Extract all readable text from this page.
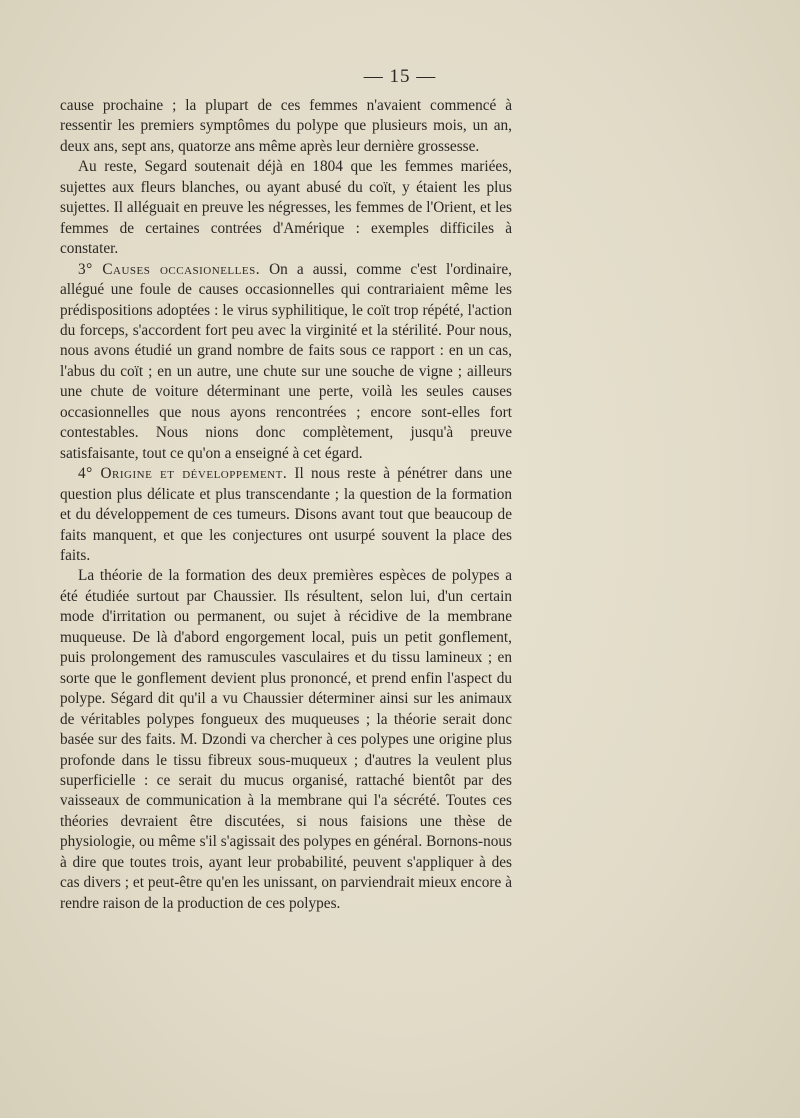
— 15 —

cause prochaine ; la plupart de ces femmes n'avaient commencé à ressentir les premiers symptômes du polype que plusieurs mois, un an, deux ans, sept ans, quatorze ans même après leur dernière grossesse.

Au reste, Segard soutenait déjà en 1804 que les femmes mariées, sujettes aux fleurs blanches, ou ayant abusé du coït, y étaient les plus sujettes. Il alléguait en preuve les négresses, les femmes de l'Orient, et les femmes de certaines contrées d'Amérique : exemples difficiles à constater.

3° Causes occasionelles. On a aussi, comme c'est l'ordinaire, allégué une foule de causes occasionnelles qui contrariaient même les prédispositions adoptées : le virus syphilitique, le coït trop répété, l'action du forceps, s'accordent fort peu avec la virginité et la stérilité. Pour nous, nous avons étudié un grand nombre de faits sous ce rapport : en un cas, l'abus du coït ; en un autre, une chute sur une souche de vigne ; ailleurs une chute de voiture déterminant une perte, voilà les seules causes occasionnelles que nous ayons rencontrées ; encore sont-elles fort contestables. Nous nions donc complètement, jusqu'à preuve satisfaisante, tout ce qu'on a enseigné à cet égard.

4° Origine et développement. Il nous reste à pénétrer dans une question plus délicate et plus transcendante ; la question de la formation et du développement de ces tumeurs. Disons avant tout que beaucoup de faits manquent, et que les conjectures ont usurpé souvent la place des faits.

La théorie de la formation des deux premières espèces de polypes a été étudiée surtout par Chaussier. Ils résultent, selon lui, d'un certain mode d'irritation ou permanent, ou sujet à récidive de la membrane muqueuse. De là d'abord engorgement local, puis un petit gonflement, puis prolongement des ramuscules vasculaires et du tissu lamineux ; en sorte que le gonflement devient plus prononcé, et prend enfin l'aspect du polype. Ségard dit qu'il a vu Chaussier déterminer ainsi sur les animaux de véritables polypes fongueux des muqueuses ; la théorie serait donc basée sur des faits. M. Dzondi va chercher à ces polypes une origine plus profonde dans le tissu fibreux sous-muqueux ; d'autres la veulent plus superficielle : ce serait du mucus organisé, rattaché bientôt par des vaisseaux de communication à la membrane qui l'a sécrété. Toutes ces théories devraient être discutées, si nous faisions une thèse de physiologie, ou même s'il s'agissait des polypes en général. Bornons-nous à dire que toutes trois, ayant leur probabilité, peuvent s'appliquer à des cas divers ; et peut-être qu'en les unissant, on parviendrait mieux encore à rendre raison de la production de ces polypes.
